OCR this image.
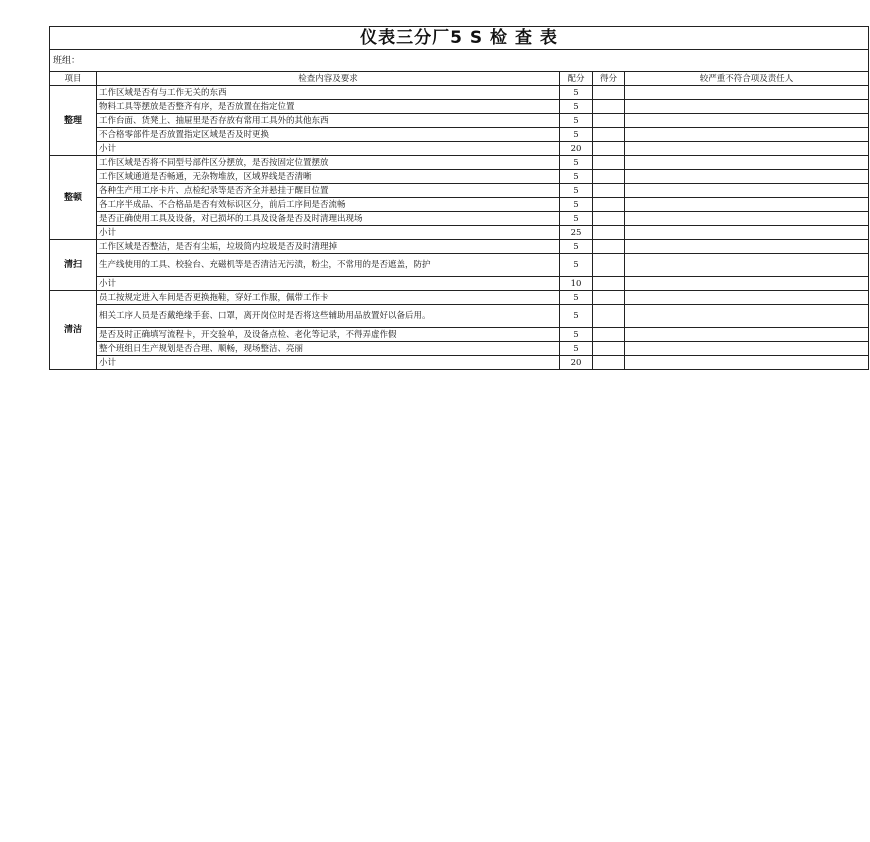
仪表三分厂5 S 检 查 表				
班组：				
项目	检查内容及要求	配分	得分	较严重不符合项及责任人
整理	工作区域是否有与工作无关的东西	5		
	物料工具等摆放是否整齐有序，是否放置在指定位置	5		
	工作台面、货凳上、抽屉里是否存放有常用工具外的其他东西	5		
	不合格零部件是否放置指定区域是否及时更换	5		
	小计	20		
整顿	工作区域是否将不同型号部件区分摆放，是否按固定位置摆放	5		
	工作区域通道是否畅通，无杂物堆放，区域界线是否清晰	5		
	各种生产用工序卡片、点检纪录等是否齐全并悬挂于醒目位置	5		
	各工序半成品、不合格品是否有效标识区分，前后工序间是否流畅	5		
	是否正确使用工具及设备，对已损坏的工具及设备是否及时清理出现场	5		
	小计	25		
清扫	工作区域是否整洁，是否有尘垢，垃圾筒内垃圾是否及时清理掉	5		
	生产线使用的工具、校验台、充磁机等是否清洁无污渍，粉尘，不常用的是否遮盖，防护	5		
	小计	10		
清洁	员工按规定进入车间是否更换拖鞋，穿好工作服，佩带工作卡	5		
	相关工序人员是否戴绝缘手套、口罩，离开岗位时是否将这些辅助用品放置好以备后用。	5		
	是否及时正确填写流程卡，开交验单，及设备点检、老化等记录，不得弄虚作假	5		
	整个班组日生产规划是否合理、顺畅，现场整洁、亮丽	5		
	小计	20		
